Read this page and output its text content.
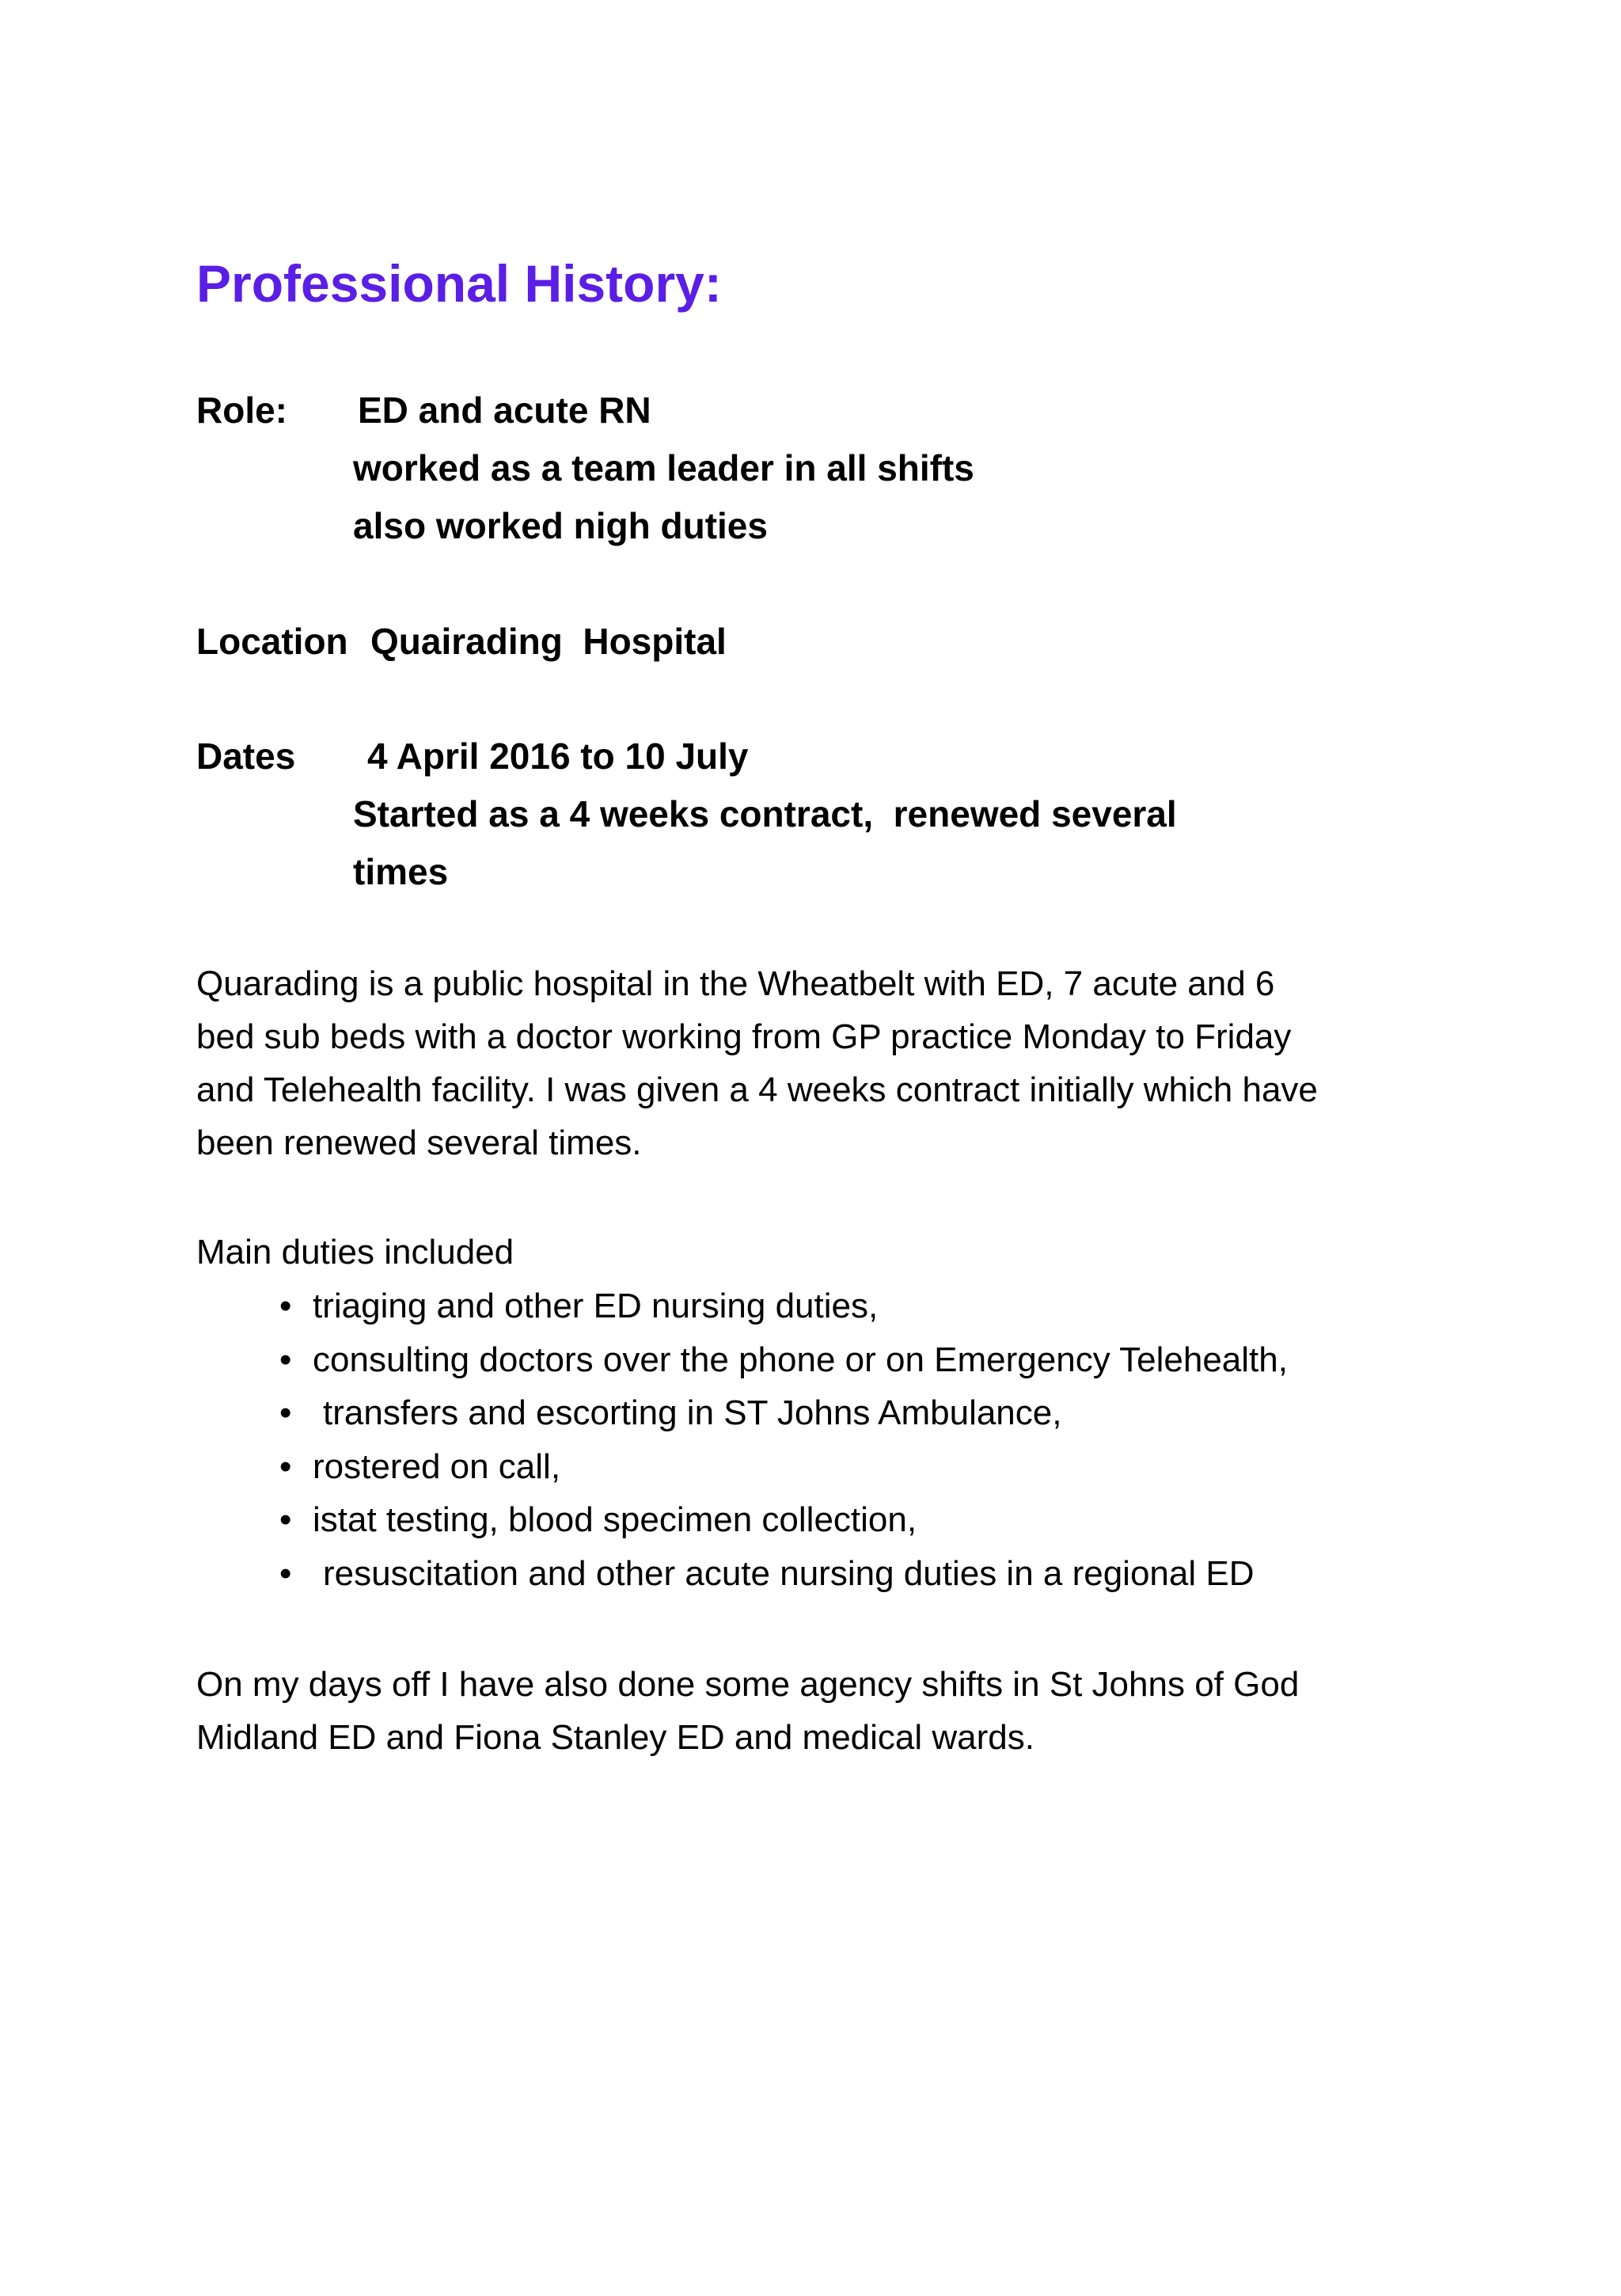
Professional History:
Role: ED and acute RN
worked as a team leader in all shifts
also worked nigh duties
Location Quairading  Hospital
Dates 4 April 2016 to 10 July
Started as a 4 weeks contract,  renewed several
times
Quarading is a public hospital in the Wheatbelt with ED, 7 acute and 6
bed sub beds with a doctor working from GP practice Monday to Friday
and Telehealth facility. I was given a 4 weeks contract initially which have
been renewed several times.
Main duties included
• triaging and other ED nursing duties,
• consulting doctors over the phone or on Emergency Telehealth,
• transfers and escorting in ST Johns Ambulance,
• rostered on call,
• istat testing, blood specimen collection,
• resuscitation and other acute nursing duties in a regional ED
On my days off I have also done some agency shifts in St Johns of God
Midland ED and Fiona Stanley ED and medical wards.
